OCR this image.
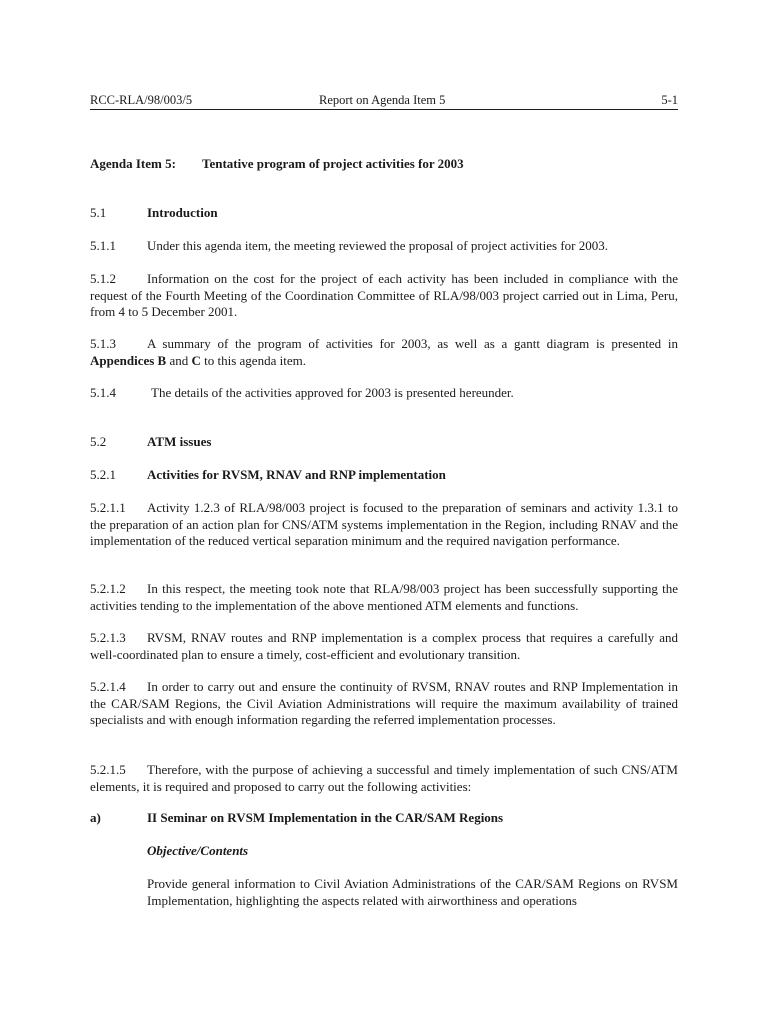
RCC-RLA/98/003/5	Report on Agenda Item 5	5-1
Agenda Item 5: Tentative program of project activities for 2003
5.1	Introduction
5.1.1 Under this agenda item, the meeting reviewed the proposal of project activities for 2003.
5.1.2 Information on the cost for the project of each activity has been included in compliance with the request of the Fourth Meeting of the Coordination Committee of RLA/98/003 project carried out in Lima, Peru, from 4 to 5 December 2001.
5.1.3 A summary of the program of activities for 2003, as well as a gantt diagram is presented in Appendices B and C to this agenda item.
5.1.4	The details of the activities approved for 2003 is presented hereunder.
5.2	ATM issues
5.2.1 Activities for RVSM, RNAV and RNP implementation
5.2.1.1 Activity 1.2.3 of RLA/98/003 project is focused to the preparation of seminars and activity 1.3.1 to the preparation of an action plan for CNS/ATM systems implementation in the Region, including RNAV and the implementation of the reduced vertical separation minimum and the required navigation performance.
5.2.1.2 In this respect, the meeting took note that RLA/98/003 project has been successfully supporting the activities tending to the implementation of the above mentioned ATM elements and functions.
5.2.1.3 RVSM, RNAV routes and RNP implementation is a complex process that requires a carefully and well-coordinated plan to ensure a timely, cost-efficient and evolutionary transition.
5.2.1.4 In order to carry out and ensure the continuity of RVSM, RNAV routes and RNP Implementation in the CAR/SAM Regions, the Civil Aviation Administrations will require the maximum availability of trained specialists and with enough information regarding the referred implementation processes.
5.2.1.5 Therefore, with the purpose of achieving a successful and timely implementation of such CNS/ATM elements, it is required and proposed to carry out the following activities:
a)	II Seminar on RVSM Implementation in the CAR/SAM Regions
Objective/Contents
Provide general information to Civil Aviation Administrations of the CAR/SAM Regions on RVSM Implementation, highlighting the aspects related with airworthiness and operations
